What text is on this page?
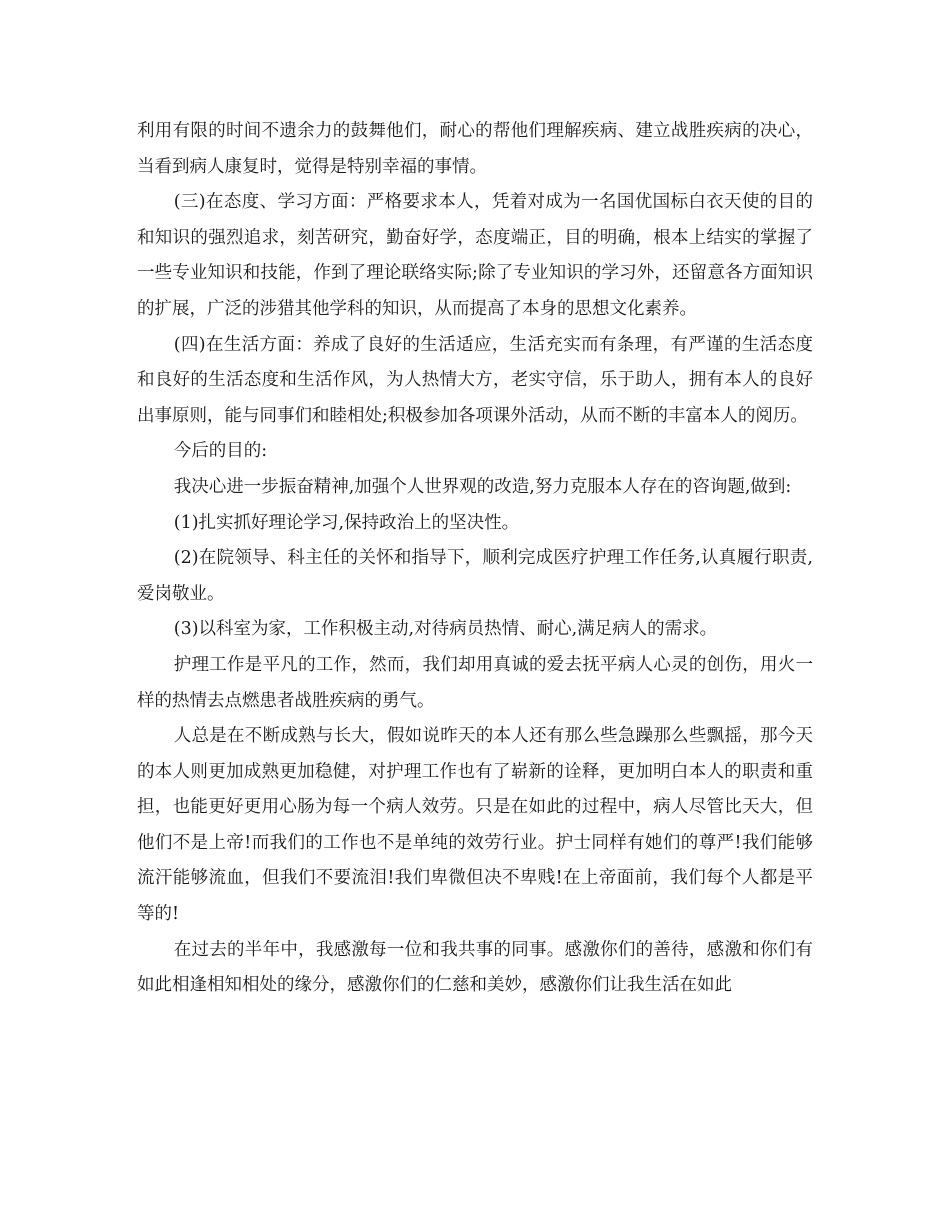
利用有限的时间不遗余力的鼓舞他们，耐心的帮他们理解疾病、建立战胜疾病的决心，当看到病人康复时，觉得是特别幸福的事情。

(三)在态度、学习方面：严格要求本人，凭着对成为一名国优国标白衣天使的目的和知识的强烈追求，刻苦研究，勤奋好学，态度端正，目的明确，根本上结实的掌握了一些专业知识和技能，作到了理论联络实际;除了专业知识的学习外，还留意各方面知识的扩展，广泛的涉猎其他学科的知识，从而提高了本身的思想文化素养。

(四)在生活方面：养成了良好的生活适应，生活充实而有条理，有严谨的生活态度和良好的生活态度和生活作风，为人热情大方，老实守信，乐于助人，拥有本人的良好出事原则，能与同事们和睦相处;积极参加各项课外活动，从而不断的丰富本人的阅历。

今后的目的:

我决心进一步振奋精神,加强个人世界观的改造,努力克服本人存在的咨询题,做到:

(1)扎实抓好理论学习,保持政治上的坚决性。

(2)在院领导、科主任的关怀和指导下，顺利完成医疗护理工作任务,认真履行职责,爱岗敬业。

(3)以科室为家，工作积极主动,对待病员热情、耐心,满足病人的需求。

护理工作是平凡的工作，然而，我们却用真诚的爱去抚平病人心灵的创伤，用火一样的热情去点燃患者战胜疾病的勇气。

人总是在不断成熟与长大，假如说昨天的本人还有那么些急躁那么些飘摇，那今天的本人则更加成熟更加稳健，对护理工作也有了崭新的诠释，更加明白本人的职责和重担，也能更好更用心肠为每一个病人效劳。只是在如此的过程中，病人尽管比天大，但他们不是上帝!而我们的工作也不是单纯的效劳行业。护士同样有她们的尊严!我们能够流汗能够流血，但我们不要流泪!我们卑微但决不卑贱!在上帝面前，我们每个人都是平等的!

在过去的半年中，我感激每一位和我共事的同事。感激你们的善待，感激和你们有如此相逢相知相处的缘分，感激你们的仁慈和美妙，感激你们让我生活在如此
